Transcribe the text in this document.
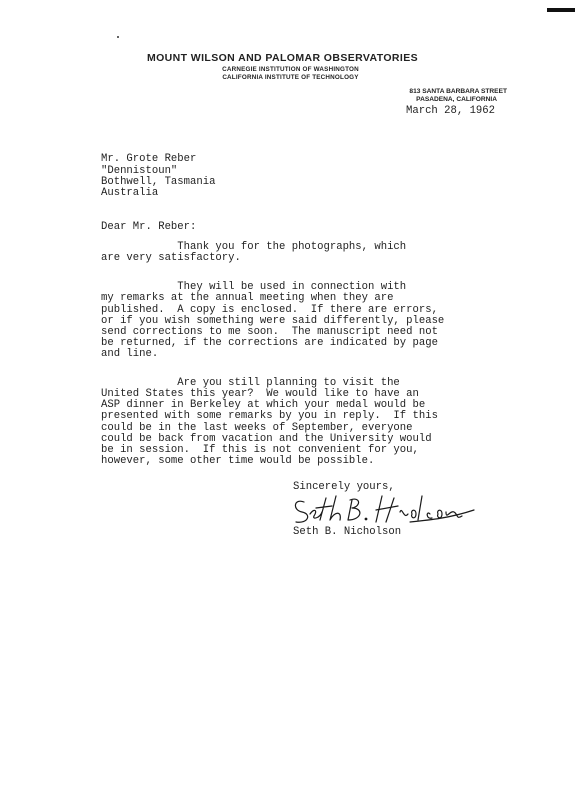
MOUNT WILSON AND PALOMAR OBSERVATORIES
CARNEGIE INSTITUTION OF WASHINGTON
CALIFORNIA INSTITUTE OF TECHNOLOGY
813 SANTA BARBARA STREET
PASADENA, CALIFORNIA
March 28, 1962
Mr. Grote Reber
"Dennistoun"
Bothwell, Tasmania
Australia
Dear Mr. Reber:
Thank you for the photographs, which
are very satisfactory.
They will be used in connection with
my remarks at the annual meeting when they are
published.  A copy is enclosed.  If there are errors,
or if you wish something were said differently, please
send corrections to me soon.  The manuscript need not
be returned, if the corrections are indicated by page
and line.
Are you still planning to visit the
United States this year?  We would like to have an
ASP dinner in Berkeley at which your medal would be
presented with some remarks by you in reply.  If this
could be in the last weeks of September, everyone
could be back from vacation and the University would
be in session.  If this is not convenient for you,
however, some other time would be possible.
Sincerely yours,
Seth B. Nicholson
